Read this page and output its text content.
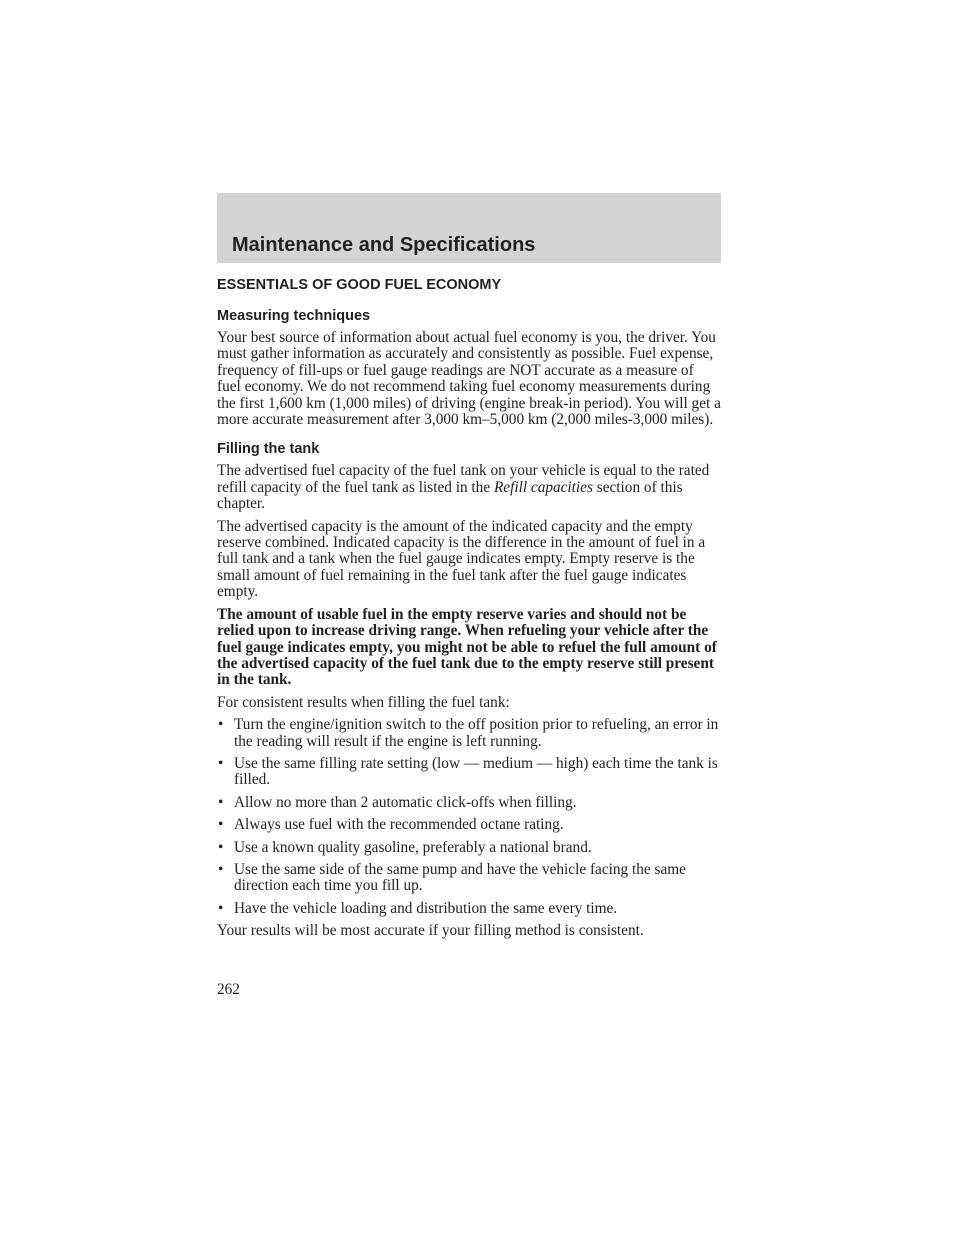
Maintenance and Specifications
ESSENTIALS OF GOOD FUEL ECONOMY
Measuring techniques

Your best source of information about actual fuel economy is you, the driver. You must gather information as accurately and consistently as possible. Fuel expense, frequency of fill-ups or fuel gauge readings are NOT accurate as a measure of fuel economy. We do not recommend taking fuel economy measurements during the first 1,600 km (1,000 miles) of driving (engine break-in period). You will get a more accurate measurement after 3,000 km–5,000 km (2,000 miles-3,000 miles).

Filling the tank

The advertised fuel capacity of the fuel tank on your vehicle is equal to the rated refill capacity of the fuel tank as listed in the Refill capacities section of this chapter.

The advertised capacity is the amount of the indicated capacity and the empty reserve combined. Indicated capacity is the difference in the amount of fuel in a full tank and a tank when the fuel gauge indicates empty. Empty reserve is the small amount of fuel remaining in the fuel tank after the fuel gauge indicates empty.

The amount of usable fuel in the empty reserve varies and should not be relied upon to increase driving range. When refueling your vehicle after the fuel gauge indicates empty, you might not be able to refuel the full amount of the advertised capacity of the fuel tank due to the empty reserve still present in the tank.

For consistent results when filling the fuel tank:

• Turn the engine/ignition switch to the off position prior to refueling, an error in the reading will result if the engine is left running.
• Use the same filling rate setting (low — medium — high) each time the tank is filled.
• Allow no more than 2 automatic click-offs when filling.
• Always use fuel with the recommended octane rating.
• Use a known quality gasoline, preferably a national brand.
• Use the same side of the same pump and have the vehicle facing the same direction each time you fill up.
• Have the vehicle loading and distribution the same every time.

Your results will be most accurate if your filling method is consistent.

262
